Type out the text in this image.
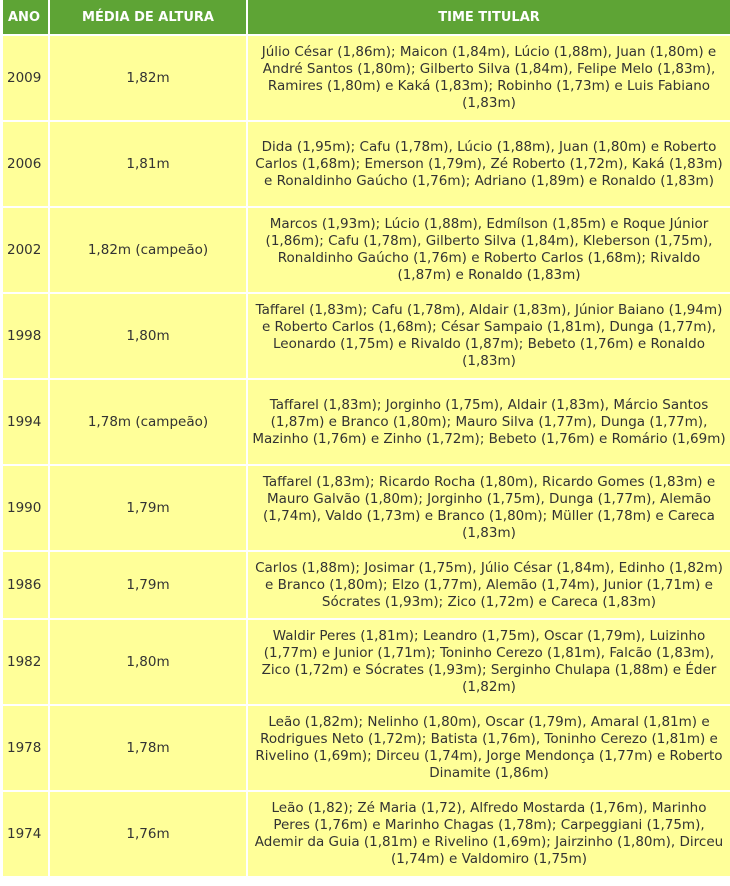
ANO	MÉDIA DE ALTURA	TIME TITULAR
2009	1,82m	Júlio César (1,86m); Maicon (1,84m), Lúcio (1,88m), Juan (1,80m) e André Santos (1,80m); Gilberto Silva (1,84m), Felipe Melo (1,83m), Ramires (1,80m) e Kaká (1,83m); Robinho (1,73m) e Luis Fabiano (1,83m)
2006	1,81m	Dida (1,95m); Cafu (1,78m), Lúcio (1,88m), Juan (1,80m) e Roberto Carlos (1,68m); Emerson (1,79m), Zé Roberto (1,72m), Kaká (1,83m) e Ronaldinho Gaúcho (1,76m); Adriano (1,89m) e Ronaldo (1,83m)
2002	1,82m (campeão)	Marcos (1,93m); Lúcio (1,88m), Edmílson (1,85m) e Roque Júnior (1,86m); Cafu (1,78m), Gilberto Silva (1,84m), Kleberson (1,75m), Ronaldinho Gaúcho (1,76m) e Roberto Carlos (1,68m); Rivaldo (1,87m) e Ronaldo (1,83m)
1998	1,80m	Taffarel (1,83m); Cafu (1,78m), Aldair (1,83m), Júnior Baiano (1,94m) e Roberto Carlos (1,68m); César Sampaio (1,81m), Dunga (1,77m), Leonardo (1,75m) e Rivaldo (1,87m); Bebeto (1,76m) e Ronaldo (1,83m)
1994	1,78m (campeão)	Taffarel (1,83m); Jorginho (1,75m), Aldair (1,83m), Márcio Santos (1,87m) e Branco (1,80m); Mauro Silva (1,77m), Dunga (1,77m), Mazinho (1,76m) e Zinho (1,72m); Bebeto (1,76m) e Romário (1,69m)
1990	1,79m	Taffarel (1,83m); Ricardo Rocha (1,80m), Ricardo Gomes (1,83m) e Mauro Galvão (1,80m); Jorginho (1,75m), Dunga (1,77m), Alemão (1,74m), Valdo (1,73m) e Branco (1,80m); Müller (1,78m) e Careca (1,83m)
1986	1,79m	Carlos (1,88m); Josimar (1,75m), Júlio César (1,84m), Edinho (1,82m) e Branco (1,80m); Elzo (1,77m), Alemão (1,74m), Junior (1,71m) e Sócrates (1,93m); Zico (1,72m) e Careca (1,83m)
1982	1,80m	Waldir Peres (1,81m); Leandro (1,75m), Oscar (1,79m), Luizinho (1,77m) e Junior (1,71m); Toninho Cerezo (1,81m), Falcão (1,83m), Zico (1,72m) e Sócrates (1,93m); Serginho Chulapa (1,88m) e Éder (1,82m)
1978	1,78m	Leão (1,82m); Nelinho (1,80m), Oscar (1,79m), Amaral (1,81m) e Rodrigues Neto (1,72m); Batista (1,76m), Toninho Cerezo (1,81m) e Rivelino (1,69m); Dirceu (1,74m), Jorge Mendonça (1,77m) e Roberto Dinamite (1,86m)
1974	1,76m	Leão (1,82); Zé Maria (1,72), Alfredo Mostarda (1,76m), Marinho Peres (1,76m) e Marinho Chagas (1,78m); Carpeggiani (1,75m), Ademir da Guia (1,81m) e Rivelino (1,69m); Jairzinho (1,80m), Dirceu (1,74m) e Valdomiro (1,75m)
